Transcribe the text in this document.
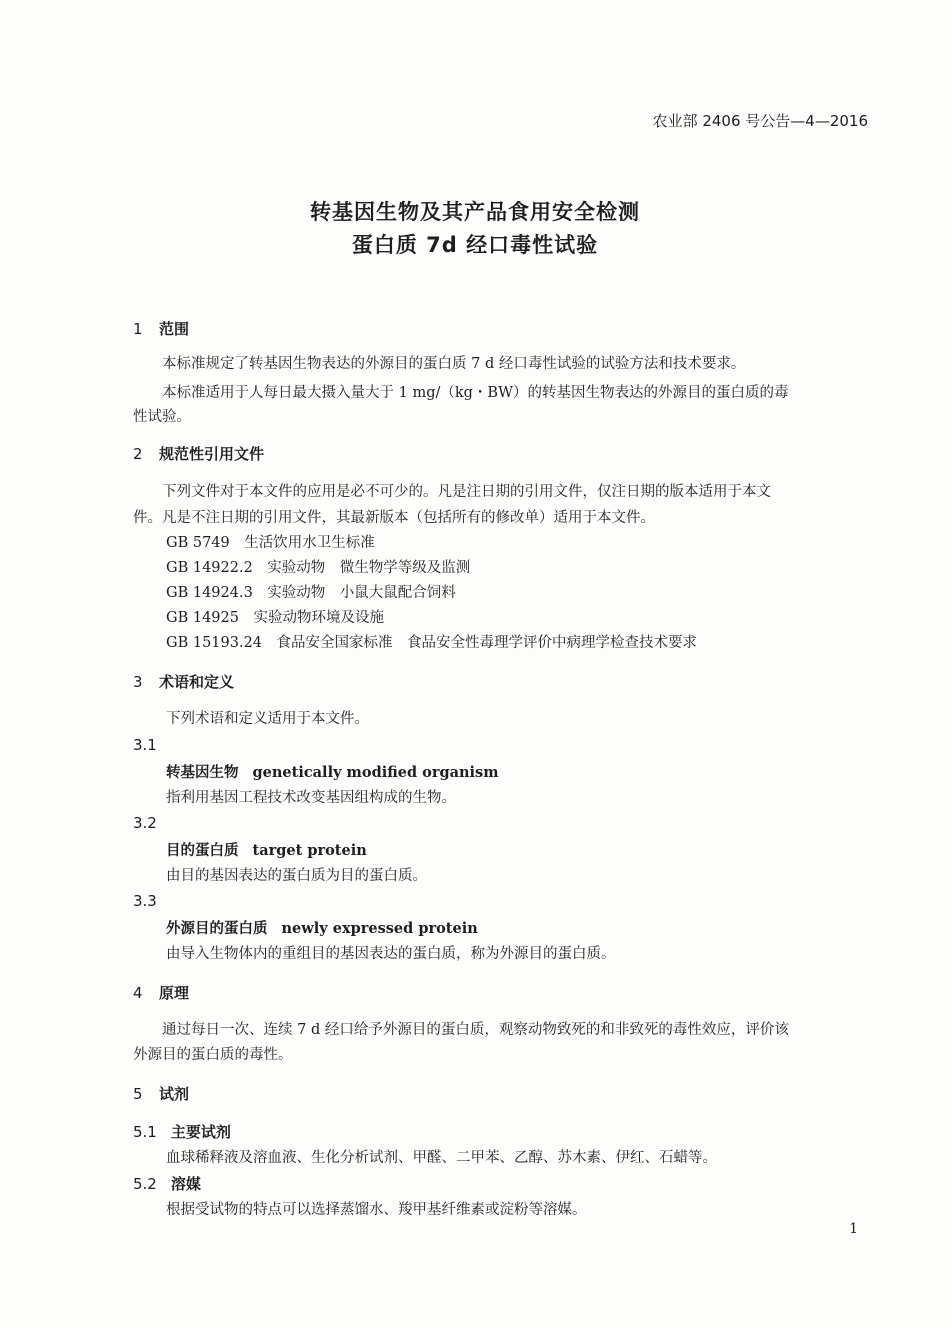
农业部 2406 号公告—4—2016
转基因生物及其产品食用安全检测
蛋白质 7d 经口毒性试验
1 范围
本标准规定了转基因生物表达的外源目的蛋白质 7 d 经口毒性试验的试验方法和技术要求。
本标准适用于人每日最大摄入量大于 1 mg/（kg・BW）的转基因生物表达的外源目的蛋白质的毒
性试验。
2 规范性引用文件
下列文件对于本文件的应用是必不可少的。凡是注日期的引用文件，仅注日期的版本适用于本文
件。凡是不注日期的引用文件，其最新版本（包括所有的修改单）适用于本文件。
GB 5749　生活饮用水卫生标准
GB 14922.2　实验动物　微生物学等级及监测
GB 14924.3　实验动物　小鼠大鼠配合饲料
GB 14925　实验动物环境及设施
GB 15193.24　食品安全国家标准　食品安全性毒理学评价中病理学检查技术要求
3 术语和定义
下列术语和定义适用于本文件。
3.1
转基因生物 genetically modified organism
指利用基因工程技术改变基因组构成的生物。
3.2
目的蛋白质 target protein
由目的基因表达的蛋白质为目的蛋白质。
3.3
外源目的蛋白质 newly expressed protein
由导入生物体内的重组目的基因表达的蛋白质，称为外源目的蛋白质。
4 原理
通过每日一次、连续 7 d 经口给予外源目的蛋白质，观察动物致死的和非致死的毒性效应，评价该
外源目的蛋白质的毒性。
5 试剂
5.1 主要试剂
血球稀释液及溶血液、生化分析试剂、甲醛、二甲苯、乙醇、苏木素、伊红、石蜡等。
5.2 溶媒
根据受试物的特点可以选择蒸馏水、羧甲基纤维素或淀粉等溶媒。
1
